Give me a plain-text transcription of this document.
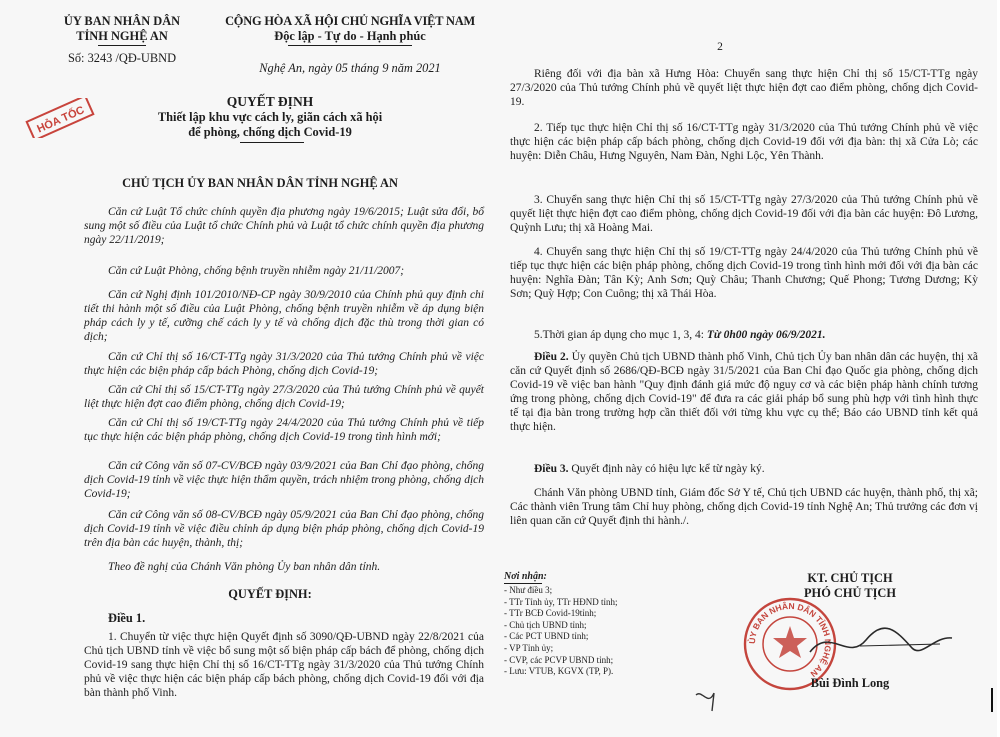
ỦY BAN NHÂN DÂN
TỈNH NGHỆ AN
Số: 3243 /QĐ-UBND
CỘNG HÒA XÃ HỘI CHỦ NGHĨA VIỆT NAM
Độc lập - Tự do - Hạnh phúc
Nghệ An, ngày 05 tháng 9 năm 2021
HỎA TỐC
QUYẾT ĐỊNH
Thiết lập khu vực cách ly, giãn cách xã hội
để phòng, chống dịch Covid-19
CHỦ TỊCH ỦY BAN NHÂN DÂN TỈNH NGHỆ AN
Căn cứ Luật Tổ chức chính quyền địa phương ngày 19/6/2015; Luật sửa đổi, bổ sung một số điều của Luật tổ chức Chính phủ và Luật tổ chức chính quyền địa phương ngày 22/11/2019;
Căn cứ Luật Phòng, chống bệnh truyền nhiễm ngày 21/11/2007;
Căn cứ Nghị định 101/2010/NĐ-CP ngày 30/9/2010 của Chính phủ quy định chi tiết thi hành một số điều của Luật Phòng, chống bệnh truyền nhiễm về áp dụng biện pháp cách ly y tế, cưỡng chế cách ly y tế và chống dịch đặc thù trong thời gian có dịch;
Căn cứ Chỉ thị số 16/CT-TTg ngày 31/3/2020 của Thủ tướng Chính phủ về việc thực hiện các biện pháp cấp bách Phòng, chống dịch Covid-19;
Căn cứ Chỉ thị số 15/CT-TTg ngày 27/3/2020 của Thủ tướng Chính phủ về quyết liệt thực hiện đợt cao điểm phòng, chống dịch Covid-19;
Căn cứ Chỉ thị số 19/CT-TTg ngày 24/4/2020 của Thủ tướng Chính phủ về tiếp tục thực hiện các biện pháp phòng, chống dịch Covid-19 trong tình hình mới;
Căn cứ Công văn số 07-CV/BCĐ ngày 03/9/2021 của Ban Chỉ đạo phòng, chống dịch Covid-19 tỉnh về việc thực hiện thẩm quyền, trách nhiệm trong phòng, chống dịch Covid-19;
Căn cứ Công văn số 08-CV/BCĐ ngày 05/9/2021 của Ban Chỉ đạo phòng, chống dịch Covid-19 tỉnh về việc điều chỉnh áp dụng biện pháp phòng, chống dịch Covid-19 trên địa bàn các huyện, thành, thị;
Theo đề nghị của Chánh Văn phòng Ủy ban nhân dân tỉnh.
QUYẾT ĐỊNH:
Điều 1.
1. Chuyển từ việc thực hiện Quyết định số 3090/QĐ-UBND ngày 22/8/2021 của Chủ tịch UBND tỉnh về việc bổ sung một số biện pháp cấp bách để phòng, chống dịch Covid-19 sang thực hiện Chỉ thị số 16/CT-TTg ngày 31/3/2020 của Thủ tướng Chính phủ về việc thực hiện các biện pháp cấp bách phòng, chống dịch Covid-19 đối với địa bàn thành phố Vinh.
2
Riêng đối với địa bàn xã Hưng Hòa: Chuyển sang thực hiện Chỉ thị số 15/CT-TTg ngày 27/3/2020 của Thủ tướng Chính phủ về quyết liệt thực hiện đợt cao điểm phòng, chống dịch Covid-19.
2. Tiếp tục thực hiện Chỉ thị số 16/CT-TTg ngày 31/3/2020 của Thủ tướng Chính phủ về việc thực hiện các biện pháp cấp bách phòng, chống dịch Covid-19 đối với địa bàn: thị xã Cửa Lò; các huyện: Diễn Châu, Hưng Nguyên, Nam Đàn, Nghi Lộc, Yên Thành.
3. Chuyển sang thực hiện Chỉ thị số 15/CT-TTg ngày 27/3/2020 của Thủ tướng Chính phủ về quyết liệt thực hiện đợt cao điểm phòng, chống dịch Covid-19 đối với địa bàn các huyện: Đô Lương, Quỳnh Lưu; thị xã Hoàng Mai.
4. Chuyển sang thực hiện Chỉ thị số 19/CT-TTg ngày 24/4/2020 của Thủ tướng Chính phủ về tiếp tục thực hiện các biện pháp phòng, chống dịch Covid-19 trong tình hình mới đối với địa bàn các huyện: Nghĩa Đàn; Tân Kỳ; Anh Sơn; Quỳ Châu; Thanh Chương; Quế Phong; Tương Dương; Kỳ Sơn; Quỳ Hợp; Con Cuông; thị xã Thái Hòa.
5.Thời gian áp dụng cho mục 1, 3, 4: Từ 0h00 ngày 06/9/2021.
Điều 2. Ủy quyền Chủ tịch UBND thành phố Vinh, Chủ tịch Ủy ban nhân dân các huyện, thị xã căn cứ Quyết định số 2686/QĐ-BCĐ ngày 31/5/2021 của Ban Chỉ đạo Quốc gia phòng, chống dịch Covid-19 về việc ban hành "Quy định đánh giá mức độ nguy cơ và các biện pháp hành chính tương ứng trong phòng, chống dịch Covid-19" để đưa ra các giải pháp bổ sung phù hợp với tình hình thực tế tại địa bàn trong trường hợp cần thiết đối với từng khu vực cụ thể; Báo cáo UBND tỉnh kết quả thực hiện.
Điều 3. Quyết định này có hiệu lực kể từ ngày ký.
Chánh Văn phòng UBND tỉnh, Giám đốc Sở Y tế, Chủ tịch UBND các huyện, thành phố, thị xã; Các thành viên Trung tâm Chỉ huy phòng, chống dịch Covid-19 tỉnh Nghệ An; Thủ trưởng các đơn vị liên quan căn cứ Quyết định thi hành./.
Nơi nhận:
- Như điều 3;
- TTr Tỉnh ủy, TTr HĐND tỉnh;
- TTr BCĐ Covid-19tỉnh;
- Chủ tịch UBND tỉnh;
- Các PCT UBND tỉnh;
- VP Tỉnh ủy;
- CVP, các PCVP UBND tỉnh;
- Lưu: VTUB, KGVX (TP, P).
KT. CHỦ TỊCH
PHÓ CHỦ TỊCH
ỦY BAN NHÂN DÂN TỈNH NGHỆ AN
Bùi Đình Long
